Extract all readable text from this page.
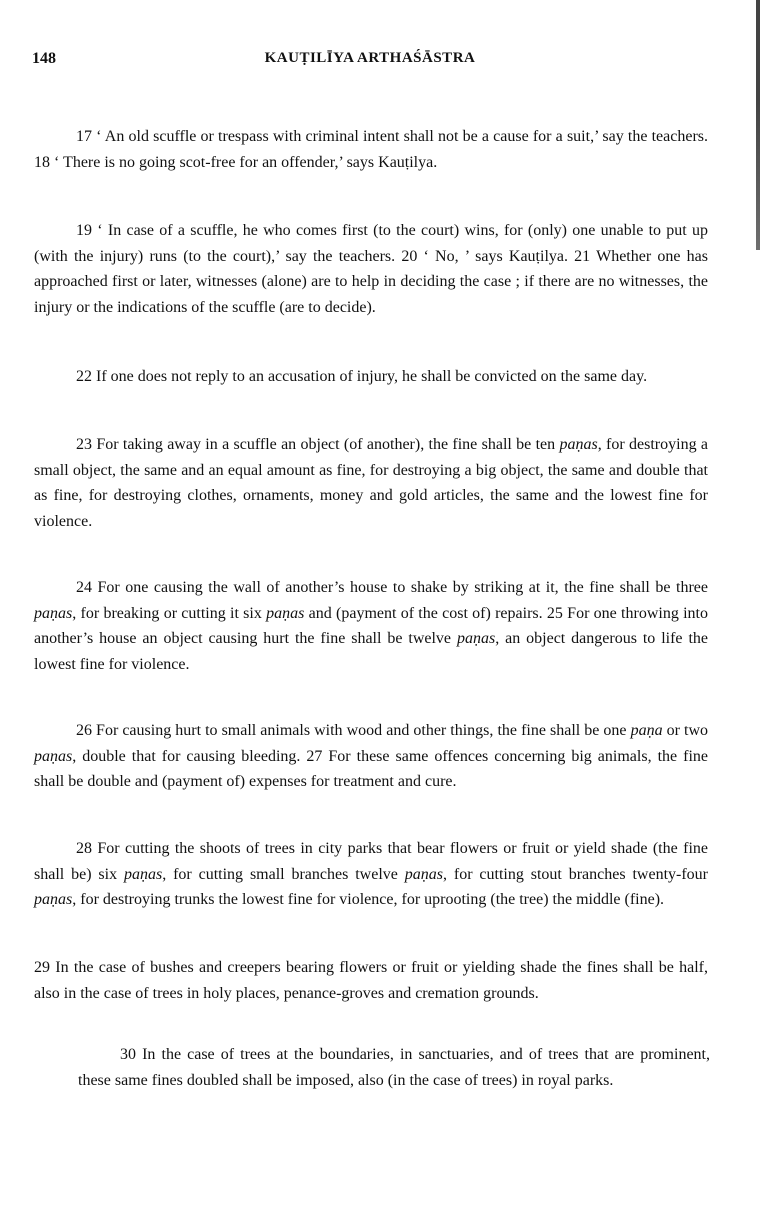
148	KAUṬILĪYA ARTHAŚĀSTRA

17 ‘ An old scuffle or trespass with criminal intent shall not be a cause for a suit,’ say the teachers. 18 ‘ There is no going scot-free for an offender,’ says Kauṭilya.

19 ‘ In case of a scuffle, he who comes first (to the court) wins, for (only) one unable to put up (with the injury) runs (to the court),’ say the teachers. 20 ‘ No, ’ says Kauṭilya. 21 Whether one has approached first or later, witnesses (alone) are to help in deciding the case ; if there are no witnesses, the injury or the indications of the scuffle (are to decide).

22 If one does not reply to an accusation of injury, he shall be convicted on the same day.

23 For taking away in a scuffle an object (of another), the fine shall be ten paṇas, for destroying a small object, the same and an equal amount as fine, for destroying a big object, the same and double that as fine, for destroying clothes, ornaments, money and gold articles, the same and the lowest fine for violence.

24 For one causing the wall of another’s house to shake by striking at it, the fine shall be three paṇas, for breaking or cutting it six paṇas and (payment of the cost of) repairs. 25 For one throwing into another’s house an object causing hurt the fine shall be twelve paṇas, an object dangerous to life the lowest fine for violence.

26 For causing hurt to small animals with wood and other things, the fine shall be one paṇa or two paṇas, double that for causing bleeding. 27 For these same offences concerning big animals, the fine shall be double and (payment of) expenses for treatment and cure.

28 For cutting the shoots of trees in city parks that bear flowers or fruit or yield shade (the fine shall be) six paṇas, for cutting small branches twelve paṇas, for cutting stout branches twenty-four paṇas, for destroying trunks the lowest fine for violence, for uprooting (the tree) the middle (fine).

29 In the case of bushes and creepers bearing flowers or fruit or yielding shade the fines shall be half, also in the case of trees in holy places, penance-groves and cremation grounds.

30 In the case of trees at the boundaries, in sanctuaries, and of trees that are prominent, these same fines doubled shall be imposed, also (in the case of trees) in royal parks.
